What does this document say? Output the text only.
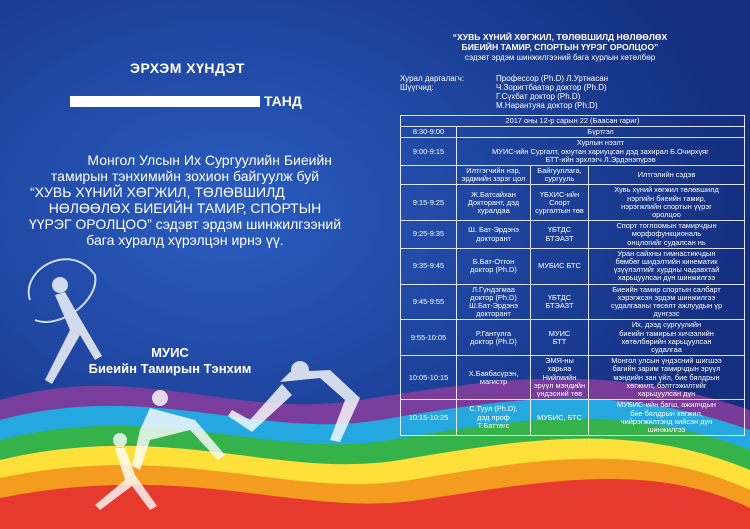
ЭРХЭМ ХҮНДЭТ
ТАНД
Монгол Улсын Их Сургуулийн Биеийн
тамирын тэнхимийн зохион байгуулж буй
“ХУВЬ ХҮНИЙ ХӨГЖИЛ, ТӨЛӨВШИЛД
НӨЛӨӨЛӨХ БИЕИЙН ТАМИР, СПОРТЫН
ҮҮРЭГ ОРОЛЦОО” сэдэвт эрдэм шинжилгээний
бага хуралд хүрэлцэн ирнэ үү.
МУИС
Биеийн Тамирын Тэнхим
“ХУВЬ ХҮНИЙ ХӨГЖИЛ, ТӨЛӨВШИЛД НӨЛӨӨЛӨХ
БИЕИЙН ТАМИР, СПОРТЫН ҮҮРЭГ ОРОЛЦОО”
сэдэвт эрдэм шинжилгээний бага хурлын хөтөлбөр
Хурал даргалагч:	Профессор (Ph.D) Л.Уртнасан
Шүүгчид:	Ч.Зоригтбаатар доктор (Ph.D)
Г.Сүхбат доктор (Ph.D)
М.Нарантуяа доктор (Ph.D)
2017 оны 12-р сарын 22 (Баасан гариг)			
8:30-9:00	Бүртгэл		
9:00-9:15	Хурлын нээлт
МУИС-ийн Сургалт, оюутан хариуцсан дэд захирал Б.Очирхүяг
БТТ-ийн эрхлэгч Л.Эрдэнэпүрэв		
	Илтгэгчийн нэр, эрдмийн зэрэг цол	Байгууллага, сургууль	Илтгэлийн сэдэв
9:15-9:25	Ж.Батсайхан
Докторант, дэд хуралдаа	ҮБХИС-ийн Спорт сургалтын төв	Хувь хүний хөгжил төлөвшилд
нэргийн биеийн тамир,
нэрэгжлийн спортын үүрэг
оролцоо
9:25-9:35	Ш. Бат-Эрдэнэ
докторант	ҮБТДС
БТЭАЗТ	Спорт тоглоомын тамирчдын
морфофункциональ
онцлогийг судалсан нь
9:35-9:45	Б.Бат-Отгон
доктор (Ph.D)	МУБИС БТС	Уран сайхны гимнастикчдын
бөмбөг шидэлтийн кинематик
үзүүлэлтийг хурдны чадавхтай
харьцуулсан дүн шинжилгээ
9:45-9:55	Л.Гүндэгмаа
доктор (Ph.D)
Ш.Бат-Эрдэнэ
докторант	ҮБТДС
БТЭАЗТ	Биеийн тамир спортын салбарт
хэрэгжсэн эрдэм шинжилгээ
судалгааны төсөлт ажлуудын үр
дүнгээс
9:55-10:05	Р.Гантулга
доктор (Ph.D)	МУИС
БТТ	Их, дээд сургуулийн
биеийн тамирын хичээлийн
хөтөлбөрийн харьцуулсан
судалгаа
10:05-10:15	Х.Баябасүрэн,
магистр	ЭМЯ-ны харьяа Нийгмийн эрүүл мэндийн үндэсний төв	Монгол улсын үндэсний шигшээ
багийн зарим тамирчдын эрүүл
мэндийн зан үйл, бие бялдрын
хөгжилт, бэлтгэжилтийг
харьцуулсан дүн
10:15-10:25	С.Туул (Ph.D),
дэд проф
Т.Баттөгс	МУБИС, БТС	МУБИС-ийн багш, ажилчдын
бие бялдрын хөгжил,
чийрэгжилтэнд хийсэн дүн
шинжилгээ
